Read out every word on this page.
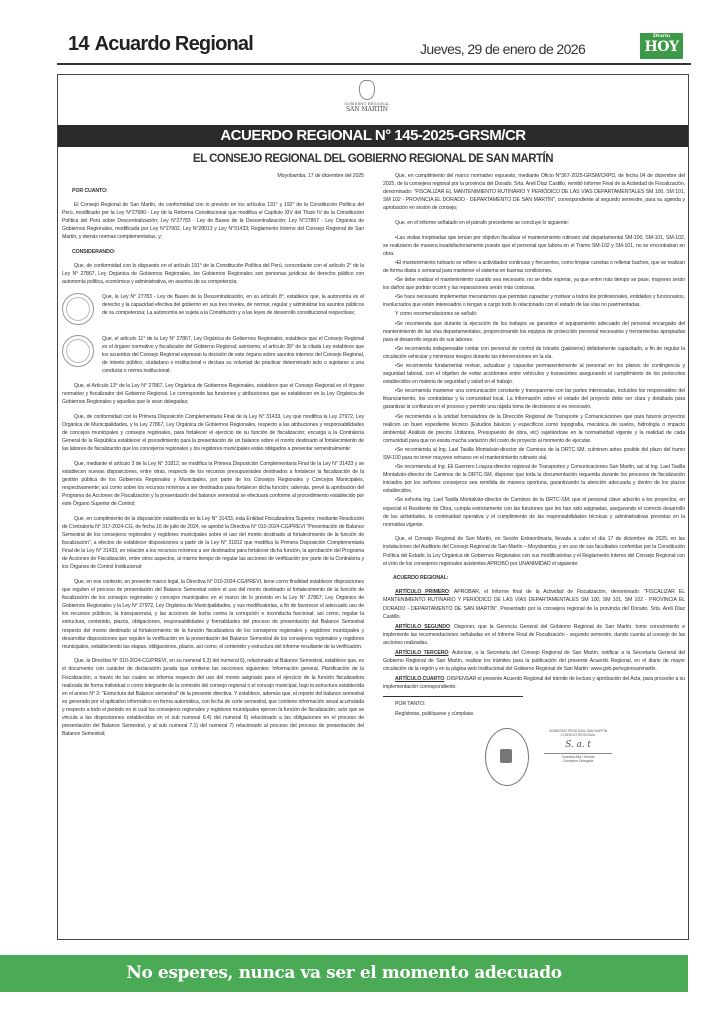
14 Acuardo Regional	Jueves, 29 de enero de 2026
Diario
HOY
GOBIERNO REGIONAL
SAN MARTÍN
ACUERDO REGIONAL N° 145-2025-GRSM/CR
EL CONSEJO REGIONAL DEL GOBIERNO REGIONAL DE SAN MARTÍN

Moyobamba, 17 de diciembre del 2025

POR CUANTO:

El Consejo Regional de San Martín, de conformidad con lo previsto en los artículos 191° y 192° de la Constitución Política del Perú, modificado por la Ley N°27680 - Ley de la Reforma Constitucional que modifica el Capítulo XIV del Título IV de la Constitución Política del Perú sobre Descentralización; Ley N°27783 - Ley de Bases de la Descentralización; Ley N°27867 - Ley Orgánica de Gobiernos Regionales, modificada por Ley N°27902, Ley N°28013 y Ley N°31433; Reglamento Interno del Consejo Regional de San Martín, y demás normas complementarias, y;

CONSIDERANDO:

Que, de conformidad con lo dispuesto en el artículo 191° de la Constitución Política del Perú, concordante con el artículo 2° de la Ley N° 27867, Ley Orgánica de Gobiernos Regionales, los Gobiernos Regionales son personas jurídicas de derecho público con autonomía política, económica y administrativa, en asuntos de su competencia;

Que, la Ley N° 27783 - Ley de Bases de la Descentralización, en su artículo 8°, establece que, la autonomía es el derecho y la capacidad efectiva del gobierno en sus tres niveles, de normar, regular y administrar los asuntos públicos de su competencia; La autonomía se sujeta a la Constitución y a las leyes de desarrollo constitucional respectivas;

Que, el artículo 11° de la Ley N° 27867, Ley Orgánica de Gobiernos Regionales, establece que el Consejo Regional es el órgano normativo y fiscalizador del Gobierno Regional; asimismo, el artículo 39° de la citada Ley establece que los acuerdos del Consejo Regional expresan la decisión de este órgano sobre asuntos internos del Consejo Regional, de interés público, ciudadano o institucional o declara su voluntad de practicar determinado acto o sujetarse a una conducta o norma institucional;

Que, el Artículo 13° de la Ley N° 27867, Ley Orgánica de Gobiernos Regionales, establece que el Consejo Regional es el órgano normativo y fiscalizador del Gobierno Regional. Le corresponde las funciones y atribuciones que se establecen en la Ley Orgánica de Gobiernos Regionales y aquellas que le sean delegadas;

Que, de conformidad con la Primera Disposición Complementaria Final de la Ley N° 31433, Ley que modifica la Ley 27972, Ley Orgánica de Municipalidades, y la Ley 27867, Ley Orgánica de Gobiernos Regionales, respecto a las atribuciones y responsabilidades de concejos municipales y consejos regionales, para fortalecer el ejercicio de su función de fiscalización; encarga a la Contraloría General de la República establecer el procedimiento para la presentación de un balance sobre el monto destinado al fortalecimiento de las labores de fiscalización que los concejeros regionales y los regidores municipales están obligados a presentar semestralmente;

Que, mediante el artículo 3 de la Ley N° 31812, se modifica la Primera Disposición Complementaria Final de la Ley N° 31433 y se establecen nuevas disposiciones, entre otras, respecto de los recursos presupuestales destinados a fortalecer la fiscalización de la gestión pública de los Gobiernos Regionales y Municipales, por parte de los Consejos Regionales y Concejos Municipales, respectivamente; así como sobre los recursos mínimos a ser destinados para fortalecer dicha función; además, prevé la aprobación del Programa de Acciones de Fiscalización y la presentación del balance semestral se efectuará conforme al procedimiento establecido por este Órgano Superior de Control;

Que, en cumplimiento de la disposición establecida en la Ley N° 31433, esta Entidad Fiscalizadora Superior, mediante Resolución de Contraloría N° 317-2024-CG, de fecha 16 de julio de 2024, se aprobó la Directiva N° 010-2024-CG/PREVI "Presentación de Balance Semestral de los consejeros regionales y regidores municipales sobre el uso del monto destinado al fortalecimiento de la función de fiscalización", a efectos de establecer disposiciones a partir de la Ley N° 31812 que modifica la Primera Disposición Complementaria Final de la Ley N° 31433, en relación a los recursos mínimos a ser destinados para fortalecer dicha función, la aprobación del Programa de Acciones de Fiscalización, entre otros aspectos, al mismo tiempo de regular las acciones de verificación por parte de la Contraloría y los Órganos de Control Institucional;

Que, en ese contexto, en presente marco legal, la Directiva N° 010-2024-CG/PREVI, tiene como finalidad establecer disposiciones que regulen el proceso de presentación del Balance Semestral sobre el uso del monto destinado al fortalecimiento de la función de fiscalización de los consejos regionales y concejos municipales en el marco de lo previsto en la Ley N° 27867, Ley Orgánica de Gobiernos Regionales y la Ley N° 27972, Ley Orgánica de Municipalidades, y sus modificatorias, a fin de favorecer el adecuado uso de los recursos públicos, la transparencia, y las acciones de lucha contra la corrupción e inconducta funcional; así como, regular la estructura, contenido, plazos, obligaciones, responsabilidades y formalidades del proceso de presentación del Balance Semestral respecto del monto destinado al fortalecimiento de la función fiscalizadora de los consejeros regionales y regidores municipales y desarrollar disposiciones que regulen la verificación en la presentación del Balance Semestral de los consejeros regionales y regidores municipales, estableciendo las etapas, obligaciones, plazos, así como, el contenido y estructura del informe resultante de la verificación.

Que, la Directiva N° 010-2024-CG/PREVI, en su numeral 6.3) del numeral 6), relacionado al Balance Semestral, establece que, es el documento con carácter de declaración jurada que contiene las secciones siguientes: Información general, Planificación de la Fiscalización, a través de las cuales se informa respecto del uso del monto asignado para el ejercicio de la función fiscalizadora realizada de forma individual o como integrante de la comisión del consejo regional o el concejo municipal, bajo la estructura establecida en el anexo N° 2: "Estructura del Balance semestral" de la presente directiva. Y establece, además que, el reporte del balance semestral es generado por el aplicativo informático en forma automática, con fecha de corte semestral, que contiene información anual acumulada y respecto a todo el periodo en el cual los consejeros regionales y regidores municipales ejercen la función de fiscalización; acto que se vincula a las disposiciones establecidas en el sub numeral 6.4) del numeral 6) relacionado a las obligaciones en el proceso de presentación del Balance Semestral, y al sub numeral 7.1) del numeral 7) relacionado al proceso del proceso de presentación del Balance Semestral;

Que, en cumplimiento del marco normativo expuesto, mediante Oficio N°367-2025-GRSM/CRPD, de fecha 04 de diciembre del 2025, de la consejera regional por la provincia del Dorado, Srta. Areli Díaz Castillo, remitió Informe Final de la Actividad de Fiscalización, denominado: "FISCALIZAR EL MANTENIMIENTO RUTINARIO Y PERIÓDICO DE LAS VÍAS DEPARTAMENTALES SM 100, SM 101, SM 102 - PROVINCIA EL DORADO - DEPARTAMENTO DE SAN MARTÍN", correspondiente al segundo semestre, para su agenda y aprobación en sesión de consejo;

Que, en el informe señalado en el párrafo precedente se concluye lo siguiente:

•Las visitas inopinadas que tenían por objetivo fiscalizar el mantenimiento rutinario vial departamental SM-100, SM-101, SM-102, se realizaron de manera insatisfactoriamente puesto que el personal que labora en el Tramo SM-102 y SM-101, no se encontraban en obra.

•El mantenimiento rutinario se refiere a actividades continuas y frecuentes, como limpiar cunetas o rellenar baches, que se realizan de forma diaria o semanal para mantener el sistema en buenas condiciones.

•Se debe realizar el mantenimiento cuando sea necesario, no se debe esperar, ya que entre más tiempo se pase, mayores serán los daños que podrán ocurrir y las reparaciones serán más costosas.

•Se hace necesario implementar mecanismos que permitan capacitar y motivar a todos los profesionales, entidades y funcionarios, involucrados que estén interesados o tengan a cargo todo lo relacionado con el estado de las vías no pavimentadas.

Y como recomendaciones se señaló:

•Se recomienda que durante la ejecución de los trabajos se garantice el equipamiento adecuado del personal encargado del mantenimiento de las vías departamentales, proporcionando los equipos de protección personal necesarios y herramientas apropiadas para el desarrollo seguro de sus labores.

•Se recomienda indispensable contar con personal de control de tránsito (paleteros) debidamente capacitado, a fin de regular la circulación vehicular y minimizar riesgos durante las intervenciones en la vía.

•Se recomienda fundamental revisar, actualizar y capacitar permanentemente al personal en los planes de contingencia y seguridad laboral, con el objetivo de evitar accidentes entre vehículos y transeúntes asegurando el cumplimiento de los protocolos establecidos en materia de seguridad y salud en el trabajo.

•Se recomienda mantener una comunicación constante y transparente con las partes interesadas, incluidos los responsables del financiamiento, los contratistas y la comunidad local. La información sobre el estado del proyecto debe ser clara y detallada para garantizar la confianza en el proceso y permitir una rápida toma de decisiones si es necesario.

•Se recomienda a la unidad formuladora de la Dirección Regional de Transporte y Comunicaciones que para futuros proyectos realicen un buen expediente técnico (Estudios básicos y específicos como topografía, mecánica de suelos, hidrología o impacto ambiental; Análisis de precios Unitarios, Presupuesto de obra, etc) sujetándose en la normatividad vigente y la realidad de cada comunidad para que no exista mucha variación del costo de proyecto al momento de ejecutar.

•Se recomienda al Ing. Lael Tasilla Montalván-director de Caminos de la DRTC-SM, culminen antes posible del plazo del tramo SM-100 para no tener mayores retrasos en el mantenimiento rutinario vial.

•Se recomienda al Ing. Eli Guerrero Loayza-director regional de Transportes y Comunicaciones San Martín, así al Ing. Lael Tasilla Montalván-director de Caminos de la DRTC-SM, disponer que toda la documentación requerida durante los procesos de fiscalización iniciados por los señores consejeros sea remitida de manera oportuna, garantizando la atención adecuada y dentro de los plazos establecidos.

•Se exhorta Ing. Lael Tasilla Montalván-director de Caminos de la DRTC-SM; que el personal clave adscrito a los proyectos, en especial el Residente de Obra, cumpla estrictamente con las funciones que les han sido asignadas, asegurando el correcto desarrollo de las actividades, la continuidad operativa y el cumplimiento de las responsabilidades técnicas y administrativas previstas en la normativa vigente.

Que, el Consejo Regional de San Martín, en Sesión Extraordinaria, llevada a cabo el día 17 de diciembre de 2025, en las instalaciones del Auditorio del Consejo Regional de San Martín – Moyobamba, y en uso de sus facultades conferidas por la Constitución Política del Estado, la Ley Orgánica de Gobiernos Regionales con sus modificatorias y el Reglamento Interno del Consejo Regional con el voto de los consejeros regionales asistentes APROBÓ por UNANIMIDAD el siguiente:

ACUERDO REGIONAL:

ARTÍCULO PRIMERO: APROBAR, el Informe final de la Actividad de Fiscalización, denominado: "FISCALIZAR EL MANTENIMIENTO RUTINARIO Y PERIÓDICO DE LAS VÍAS DEPARTAMENTALES SM 100, SM 101, SM 102 - PROVINCIA EL DORADO - DEPARTAMENTO DE SAN MARTÍN". Presentado por la consejera regional de la provincia del Dorado, Srta. Areli Díaz Castillo.

ARTÍCULO SEGUNDO: Disponer, que la Gerencia General del Gobierno Regional de San Martín, tome conocimiento e implemente las recomendaciones señaladas en el Informe Final de Fiscalización - segundo semestre, dando cuenta al consejo de las acciones realizadas.

ARTÍCULO TERCERO: Autorizar, a la Secretaría del Consejo Regional de San Martín, notificar a la Secretaría General del Gobierno Regional de San Martín, realizar los trámites para la publicación del presente Acuerdo Regional, en el diario de mayor circulación de la región y en la página web Institucional del Gobierno Regional de San Martín: www.gob.pe/regionsanmartin.

ARTÍCULO CUARTO: DISPENSAR el presente Acuerdo Regional del trámite de lectura y aprobación del Acta, para proceder a su implementación correspondiente.

POR TANTO:

Regístrese, publíquese y cúmplase.

GOBIERNO REGIONAL SAN MARTIN
CONSEJO REGIONAL
S. a. t
Suanilda Alla I Tentota
Consejera Delegada
No esperes, nunca va ser el momento adecuado
